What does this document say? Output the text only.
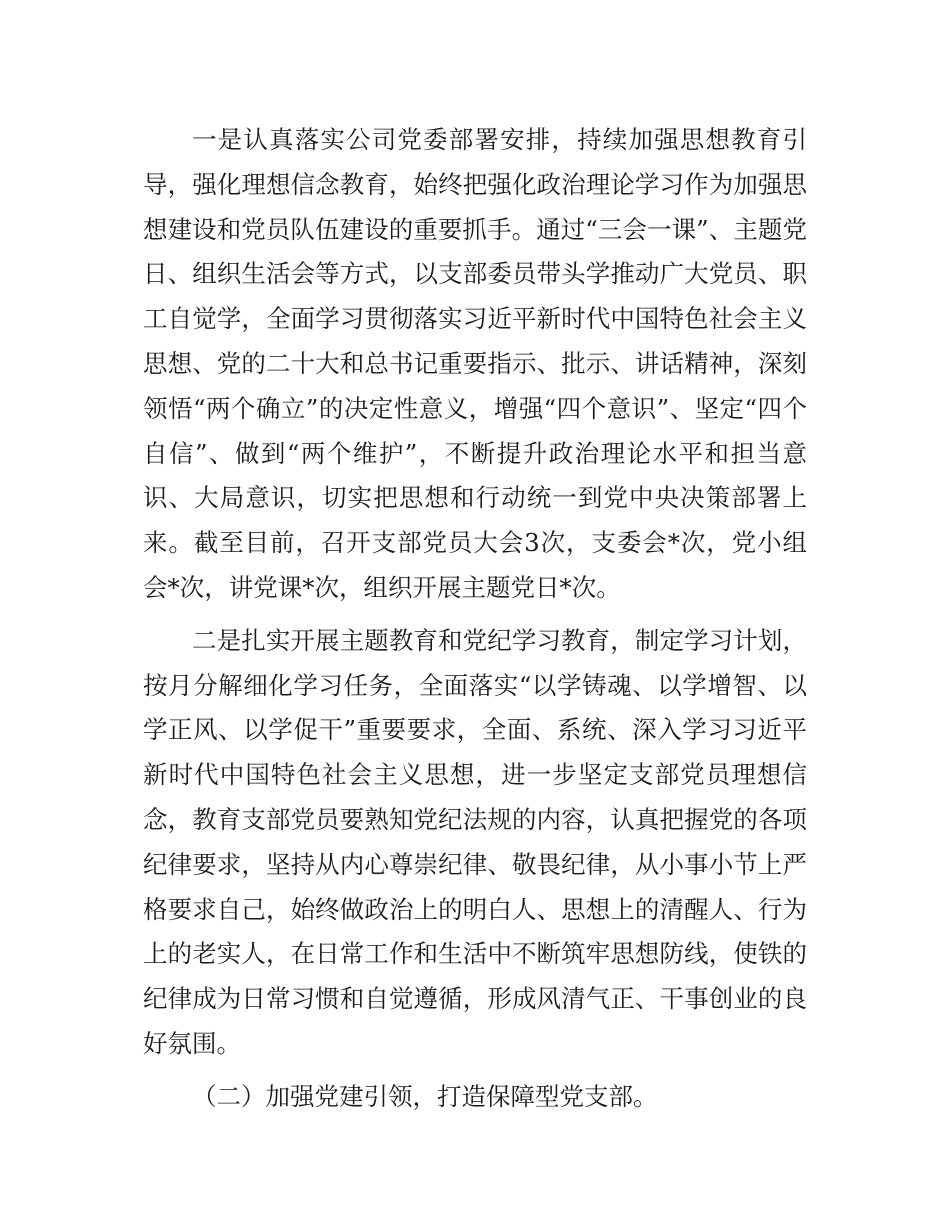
一是认真落实公司党委部署安排，持续加强思想教育引导，强化理想信念教育，始终把强化政治理论学习作为加强思想建设和党员队伍建设的重要抓手。通过“三会一课”、主题党日、组织生活会等方式，以支部委员带头学推动广大党员、职工自觉学，全面学习贯彻落实习近平新时代中国特色社会主义思想、党的二十大和总书记重要指示、批示、讲话精神，深刻领悟“两个确立”的决定性意义，增强“四个意识”、坚定“四个自信”、做到“两个维护”，不断提升政治理论水平和担当意识、大局意识，切实把思想和行动统一到党中央决策部署上来。截至目前，召开支部党员大会3次，支委会*次，党小组会*次，讲党课*次，组织开展主题党日*次。

二是扎实开展主题教育和党纪学习教育，制定学习计划，按月分解细化学习任务，全面落实“以学铸魂、以学增智、以学正风、以学促干”重要要求，全面、系统、深入学习习近平新时代中国特色社会主义思想，进一步坚定支部党员理想信念，教育支部党员要熟知党纪法规的内容，认真把握党的各项纪律要求，坚持从内心尊崇纪律、敬畏纪律，从小事小节上严格要求自己，始终做政治上的明白人、思想上的清醒人、行为上的老实人，在日常工作和生活中不断筑牢思想防线，使铁的纪律成为日常习惯和自觉遵循，形成风清气正、干事创业的良好氛围。

（二）加强党建引领，打造保障型党支部。
